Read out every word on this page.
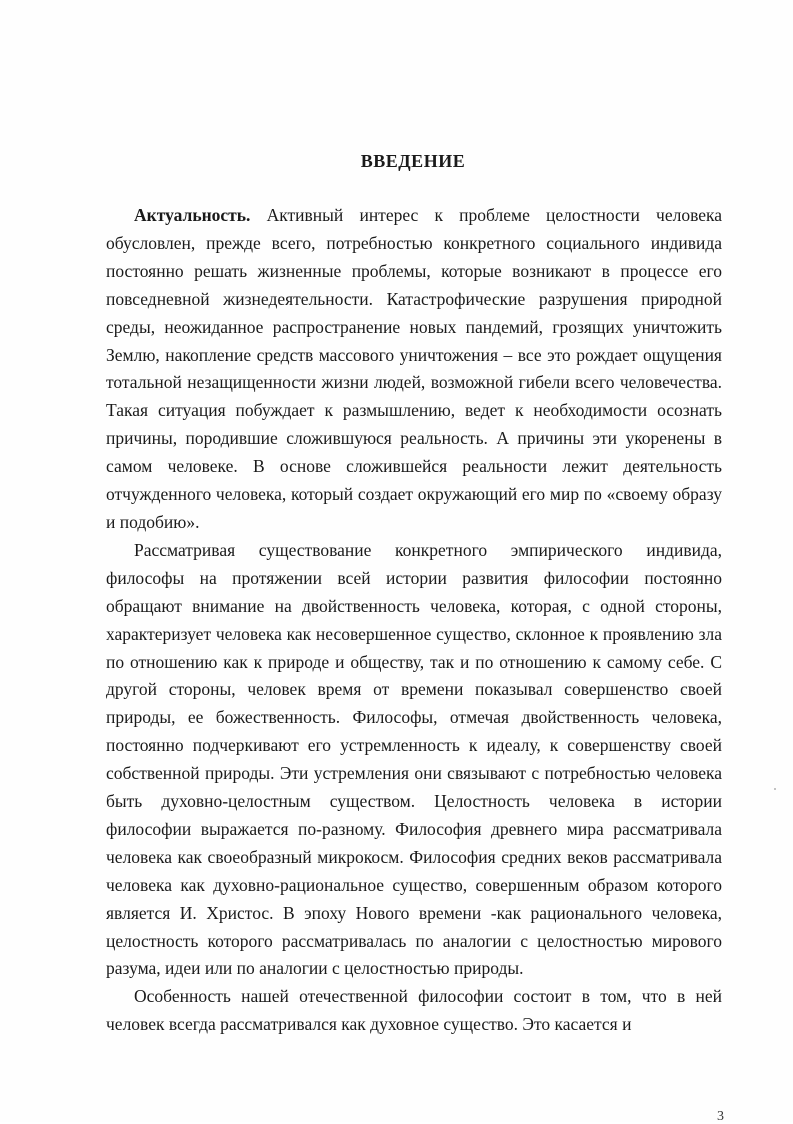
ВВЕДЕНИЕ

Актуальность. Активный интерес к проблеме целостности человека обусловлен, прежде всего, потребностью конкретного социального индивида постоянно решать жизненные проблемы, которые возникают в процессе его повседневной жизнедеятельности. Катастрофические разрушения природной среды, неожиданное распространение новых пандемий, грозящих уничтожить Землю, накопление средств массового уничтожения – все это рождает ощущения тотальной незащищенности жизни людей, возможной гибели всего человечества. Такая ситуация побуждает к размышлению, ведет к необходимости осознать причины, породившие сложившуюся реальность. А причины эти укоренены в самом человеке. В основе сложившейся реальности лежит деятельность отчужденного человека, который создает окружающий его мир по «своему образу и подобию».

Рассматривая существование конкретного эмпирического индивида, философы на протяжении всей истории развития философии постоянно обращают внимание на двойственность человека, которая, с одной стороны, характеризует человека как несовершенное существо, склонное к проявлению зла по отношению как к природе и обществу, так и по отношению к самому себе. С другой стороны, человек время от времени показывал совершенство своей природы, ее божественность. Философы, отмечая двойственность человека, постоянно подчеркивают его устремленность к идеалу, к совершенству своей собственной природы. Эти устремления они связывают с потребностью человека быть духовно-целостным существом. Целостность человека в истории философии выражается по-разному. Философия древнего мира рассматривала человека как своеобразный микрокосм. Философия средних веков рассматривала человека как духовно-рациональное существо, совершенным образом которого является И. Христос. В эпоху Нового времени -как рационального человека, целостность которого рассматривалась по аналогии с целостностью мирового разума, идеи или по аналогии с целостностью природы.

Особенность нашей отечественной философии состоит в том, что в ней человек всегда рассматривался как духовное существо. Это касается и

3
